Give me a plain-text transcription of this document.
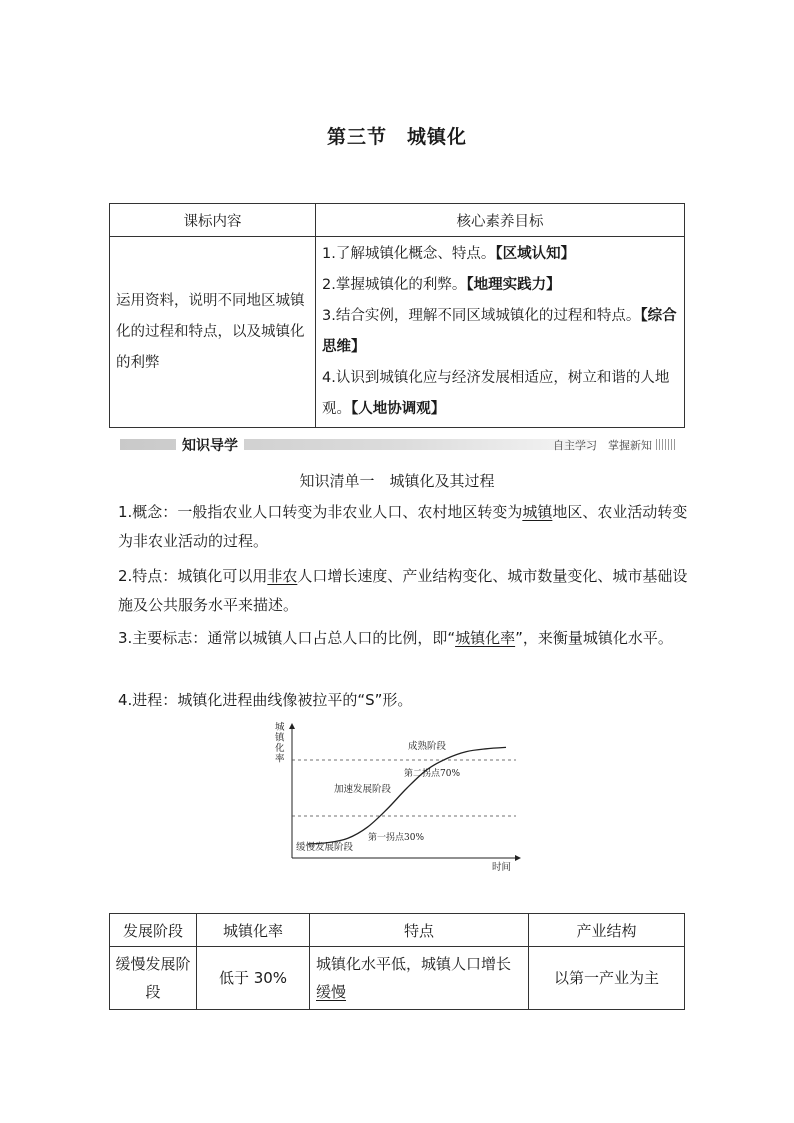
第三节　城镇化
课标内容	核心素养目标
运用资料，说明不同地区城镇化的过程和特点，以及城镇化的利弊	1.了解城镇化概念、特点。【区域认知】
2.掌握城镇化的利弊。【地理实践力】
3.结合实例，理解不同区域城镇化的过程和特点。【综合思维】
4.认识到城镇化应与经济发展相适应，树立和谐的人地观。【人地协调观】
知识导学	自主学习　掌握新知
知识清单一　城镇化及其过程
1.概念：一般指农业人口转变为非农业人口、农村地区转变为城镇地区、农业活动转变为非农业活动的过程。
2.特点：城镇化可以用非农人口增长速度、产业结构变化、城市数量变化、城市基础设施及公共服务水平来描述。
3.主要标志：通常以城镇人口占总人口的比例，即“城镇化率”，来衡量城镇化水平。
4.进程：城镇化进程曲线像被拉平的“S”形。
城镇化率
时间
成熟阶段
第二拐点70%
加速发展阶段
第一拐点30%
缓慢发展阶段
发展阶段	城镇化率	特点	产业结构
缓慢发展阶段	低于 30%	城镇化水平低，城镇人口增长缓慢	以第一产业为主
